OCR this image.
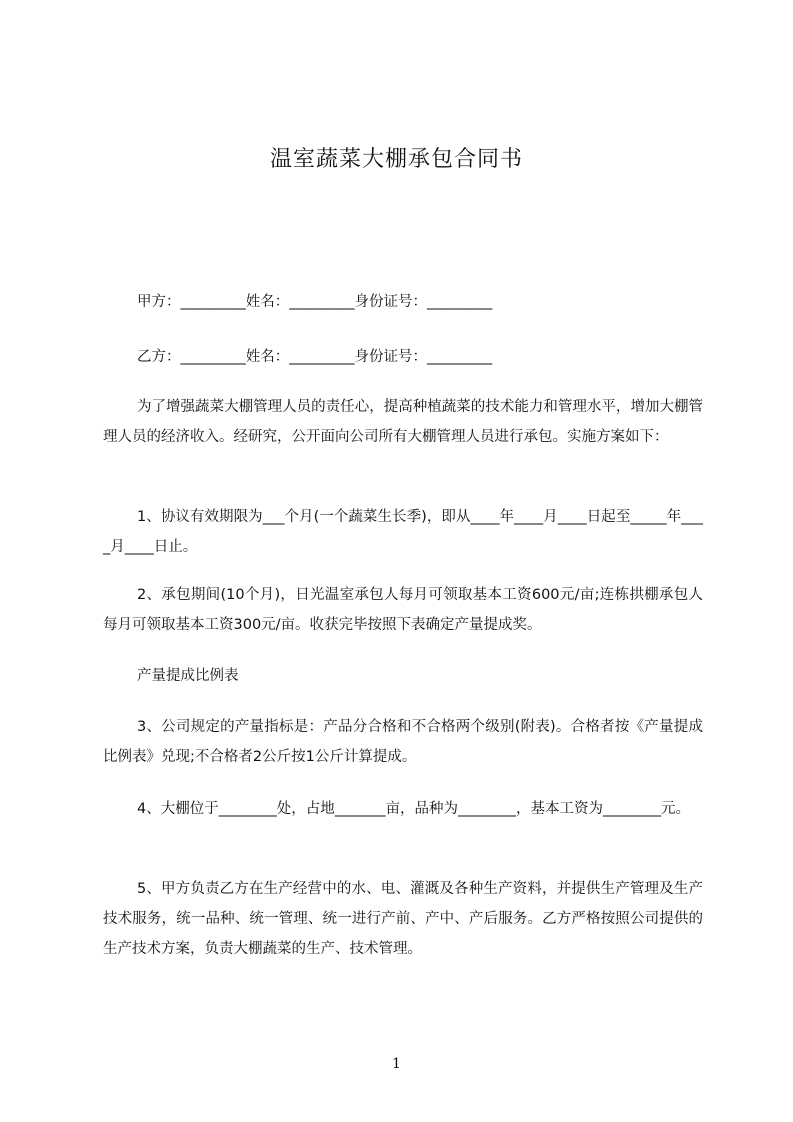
温室蔬菜大棚承包合同书
甲方：_________姓名：_________身份证号：_________
乙方：_________姓名：_________身份证号：_________
为了增强蔬菜大棚管理人员的责任心，提高种植蔬菜的技术能力和管理水平，增加大棚管理人员的经济收入。经研究，公开面向公司所有大棚管理人员进行承包。实施方案如下：
1、协议有效期限为___个月(一个蔬菜生长季)，即从____年____月____日起至_____年____月____日止。
2、承包期间(10个月)，日光温室承包人每月可领取基本工资600元/亩;连栋拱棚承包人每月可领取基本工资300元/亩。收获完毕按照下表确定产量提成奖。
产量提成比例表
3、公司规定的产量指标是：产品分合格和不合格两个级别(附表)。合格者按《产量提成比例表》兑现;不合格者2公斤按1公斤计算提成。
4、大棚位于________处，占地_______亩，品种为________，基本工资为________元。
5、甲方负责乙方在生产经营中的水、电、灌溉及各种生产资料，并提供生产管理及生产技术服务，统一品种、统一管理、统一进行产前、产中、产后服务。乙方严格按照公司提供的生产技术方案，负责大棚蔬菜的生产、技术管理。
1
